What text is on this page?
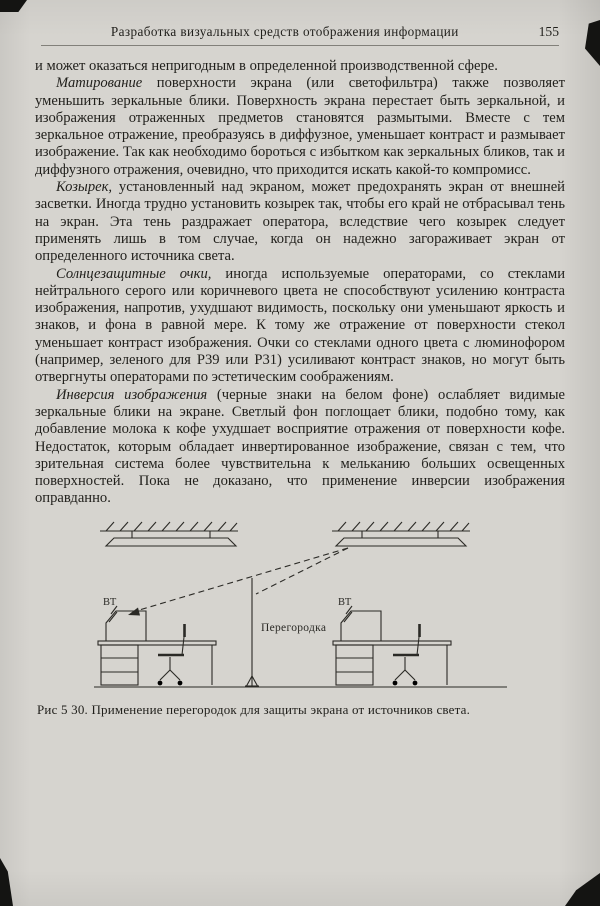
Разработка визуальных средств отображения информации	155

и может оказаться непригодным в определенной производственной сфере.

Матирование поверхности экрана (или светофильтра) также позволяет уменьшить зеркальные блики. Поверхность экрана перестает быть зеркальной, и изображения отраженных предметов становятся размытыми. Вместе с тем зеркальное отражение, преобразуясь в диффузное, уменьшает контраст и размывает изображение. Так как необходимо бороться с избытком как зеркальных бликов, так и диффузного отражения, очевидно, что приходится искать какой-то компромисс.

Козырек, установленный над экраном, может предохранять экран от внешней засветки. Иногда трудно установить козырек так, чтобы его край не отбрасывал тень на экран. Эта тень раздражает оператора, вследствие чего козырек следует применять лишь в том случае, когда он надежно загораживает экран от определенного источника света.

Солнцезащитные очки, иногда используемые операторами, со стеклами нейтрального серого или коричневого цвета не способствуют усилению контраста изображения, напротив, ухудшают видимость, поскольку они уменьшают яркость и знаков, и фона в равной мере. К тому же отражение от поверхности стекол уменьшает контраст изображения. Очки со стеклами одного цвета с люминофором (например, зеленого для Р39 или Р31) усиливают контраст знаков, но могут быть отвергнуты операторами по эстетическим соображениям.

Инверсия изображения (черные знаки на белом фоне) ослабляет видимые зеркальные блики на экране. Светлый фон поглощает блики, подобно тому, как добавление молока к кофе ухудшает восприятие отражения от поверхности кофе. Недостаток, которым обладает инвертированное изображение, связан с тем, что зрительная система более чувствительна к мельканию больших освещенных поверхностей. Пока не доказано, что применение инверсии изображения оправданно.

Перегородка
ВТ	ВТ
Рис 5 30. Применение перегородок для защиты экрана от источников света.
